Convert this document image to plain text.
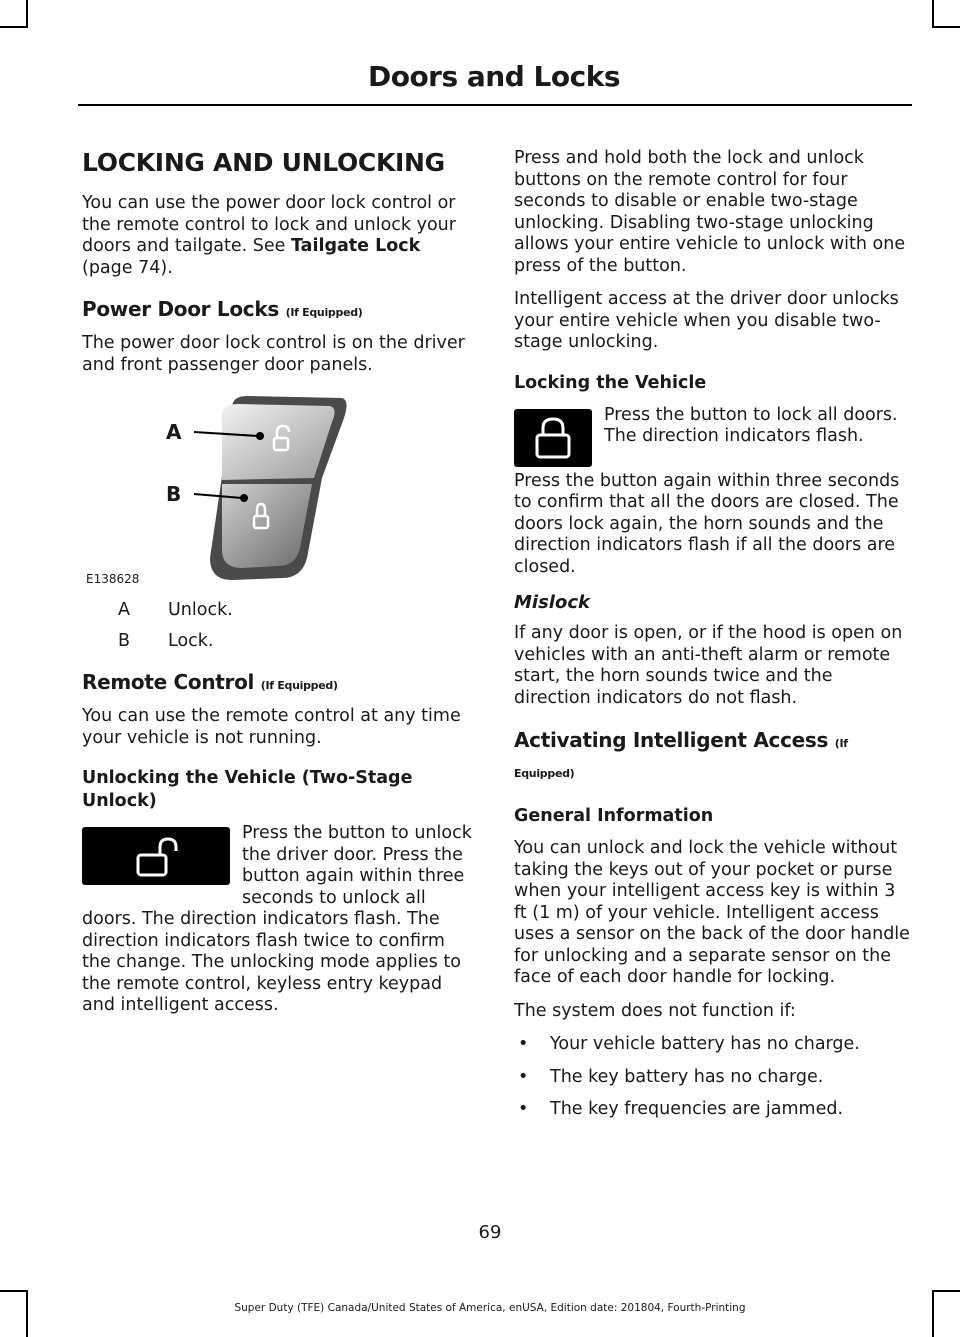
Doors and Locks
LOCKING AND UNLOCKING

You can use the power door lock control or the remote control to lock and unlock your doors and tailgate. See Tailgate Lock (page 74).

Power Door Locks (If Equipped)

The power door lock control is on the driver and front passenger door panels.

A
B
E138628
A	Unlock.
B	Lock.
Remote Control (If Equipped)

You can use the remote control at any time your vehicle is not running.

Unlocking the Vehicle (Two-Stage Unlock)

Press the button to unlock the driver door. Press the button again within three seconds to unlock all doors. The direction indicators flash. The direction indicators flash twice to confirm the change. The unlocking mode applies to the remote control, keyless entry keypad and intelligent access.

Press and hold both the lock and unlock buttons on the remote control for four seconds to disable or enable two-stage unlocking. Disabling two-stage unlocking allows your entire vehicle to unlock with one press of the button.

Intelligent access at the driver door unlocks your entire vehicle when you disable two-stage unlocking.

Locking the Vehicle

Press the button to lock all doors. The direction indicators flash.

Press the button again within three seconds to confirm that all the doors are closed. The doors lock again, the horn sounds and the direction indicators flash if all the doors are closed.

Mislock

If any door is open, or if the hood is open on vehicles with an anti-theft alarm or remote start, the horn sounds twice and the direction indicators do not flash.

Activating Intelligent Access (If
Equipped)
General Information

You can unlock and lock the vehicle without taking the keys out of your pocket or purse when your intelligent access key is within 3 ft (1 m) of your vehicle. Intelligent access uses a sensor on the back of the door handle for unlocking and a separate sensor on the face of each door handle for locking.

The system does not function if:

• Your vehicle battery has no charge.
• The key battery has no charge.
• The key frequencies are jammed.
69
Super Duty (TFE) Canada/United States of America, enUSA, Edition date: 201804, Fourth-Printing
